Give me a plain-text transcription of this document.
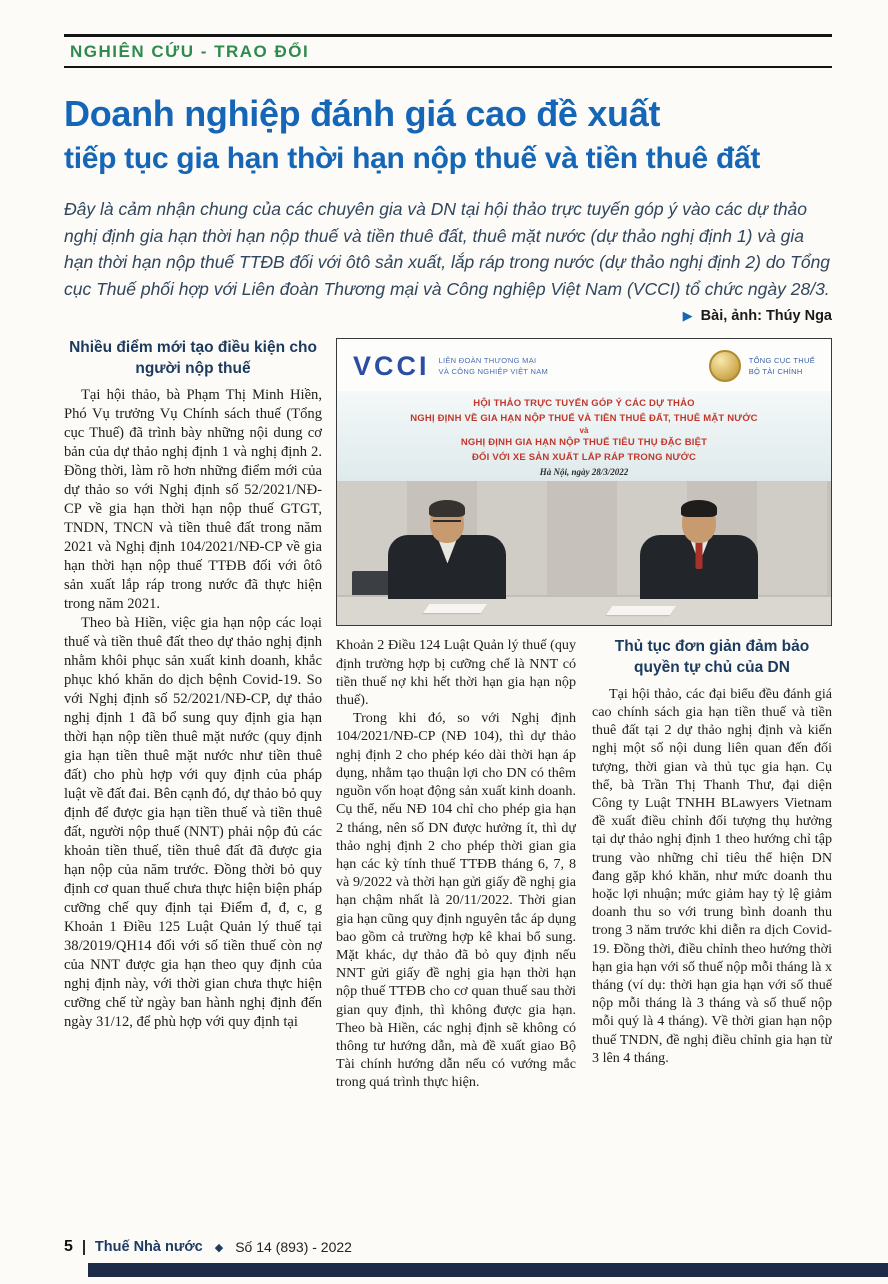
NGHIÊN CỨU - TRAO ĐỔI
Doanh nghiệp đánh giá cao đề xuất
tiếp tục gia hạn thời hạn nộp thuế và tiền thuê đất
Đây là cảm nhận chung của các chuyên gia và DN tại hội thảo trực tuyến góp ý vào các dự thảo nghị định gia hạn thời hạn nộp thuế và tiền thuê đất, thuê mặt nước (dự thảo nghị định 1) và gia hạn thời hạn nộp thuế TTĐB đối với ôtô sản xuất, lắp ráp trong nước (dự thảo nghị định 2) do Tổng cục Thuế phối hợp với Liên đoàn Thương mại và Công nghiệp Việt Nam (VCCI) tổ chức ngày 28/3.
▶ Bài, ảnh: Thúy Nga
Nhiều điểm mới tạo điều kiện cho người nộp thuế

Tại hội thảo, bà Phạm Thị Minh Hiền, Phó Vụ trưởng Vụ Chính sách thuế (Tổng cục Thuế) đã trình bày những nội dung cơ bản của dự thảo nghị định 1 và nghị định 2. Đồng thời, làm rõ hơn những điểm mới của dự thảo so với Nghị định số 52/2021/NĐ-CP về gia hạn thời hạn nộp thuế GTGT, TNDN, TNCN và tiền thuê đất trong năm 2021 và Nghị định 104/2021/NĐ-CP về gia hạn thời hạn nộp thuế TTĐB đối với ôtô sản xuất lắp ráp trong nước đã thực hiện trong năm 2021.

Theo bà Hiền, việc gia hạn nộp các loại thuế và tiền thuê đất theo dự thảo nghị định nhằm khôi phục sản xuất kinh doanh, khắc phục khó khăn do dịch bệnh Covid-19. So với Nghị định số 52/2021/NĐ-CP, dự thảo nghị định 1 đã bổ sung quy định gia hạn thời hạn nộp tiền thuê mặt nước (quy định gia hạn tiền thuê mặt nước như tiền thuê đất) cho phù hợp với quy định của pháp luật về đất đai. Bên cạnh đó, dự thảo bỏ quy định để được gia hạn tiền thuế và tiền thuê đất, người nộp thuế (NNT) phải nộp đủ các khoản tiền thuế, tiền thuê đất đã được gia hạn nộp của năm trước. Đồng thời bỏ quy định cơ quan thuế chưa thực hiện biện pháp cưỡng chế quy định tại Điểm đ, đ, c, g Khoản 1 Điều 125 Luật Quản lý thuế tại 38/2019/QH14 đối với số tiền thuế còn nợ của NNT được gia hạn theo quy định của nghị định này, với thời gian chưa thực hiện cưỡng chế từ ngày ban hành nghị định đến ngày 31/12, để phù hợp với quy định tại

VCCI LIÊN ĐOÀN THƯƠNG MẠI
VÀ CÔNG NGHIỆP VIỆT NAM
TỔNG CỤC THUẾ
BỘ TÀI CHÍNH
HỘI THẢO TRỰC TUYẾN GÓP Ý CÁC DỰ THẢO
NGHỊ ĐỊNH VỀ GIA HẠN NỘP THUẾ VÀ TIỀN THUÊ ĐẤT, THUÊ MẶT NƯỚC
và
NGHỊ ĐỊNH GIA HẠN NỘP THUẾ TIÊU THỤ ĐẶC BIỆT
ĐỐI VỚI XE SẢN XUẤT LẮP RÁP TRONG NƯỚC
Hà Nội, ngày 28/3/2022

Khoản 2 Điều 124 Luật Quản lý thuế (quy định trường hợp bị cưỡng chế là NNT có tiền thuế nợ khi hết thời hạn gia hạn nộp thuế).

Trong khi đó, so với Nghị định 104/2021/NĐ-CP (NĐ 104), thì dự thảo nghị định 2 cho phép kéo dài thời hạn áp dụng, nhằm tạo thuận lợi cho DN có thêm nguồn vốn hoạt động sản xuất kinh doanh. Cụ thể, nếu NĐ 104 chỉ cho phép gia hạn 2 tháng, nên số DN được hưởng ít, thì dự thảo nghị định 2 cho phép thời gian gia hạn các kỳ tính thuế TTĐB tháng 6, 7, 8 và 9/2022 và thời hạn gửi giấy đề nghị gia hạn chậm nhất là 20/11/2022. Thời gian gia hạn cũng quy định nguyên tắc áp dụng bao gồm cả trường hợp kê khai bổ sung. Mặt khác, dự thảo đã bỏ quy định nếu NNT gửi giấy đề nghị gia hạn thời hạn nộp thuế TTĐB cho cơ quan thuế sau thời gian quy định, thì không được gia hạn. Theo bà Hiền, các nghị định sẽ không có thông tư hướng dẫn, mà đề xuất giao Bộ Tài chính hướng dẫn nếu có vướng mắc trong quá trình thực hiện.

Thủ tục đơn giản đảm bảo quyền tự chủ của DN

Tại hội thảo, các đại biểu đều đánh giá cao chính sách gia hạn tiền thuế và tiền thuê đất tại 2 dự thảo nghị định và kiến nghị một số nội dung liên quan đến đối tượng, thời gian và thủ tục gia hạn. Cụ thể, bà Trần Thị Thanh Thư, đại diện Công ty Luật TNHH BLawyers Vietnam đề xuất điều chỉnh đối tượng thụ hưởng tại dự thảo nghị định 1 theo hướng chỉ tập trung vào những chỉ tiêu thể hiện DN đang gặp khó khăn, như mức doanh thu hoặc lợi nhuận; mức giảm hay tỷ lệ giảm doanh thu so với trung bình doanh thu trong 3 năm trước khi diễn ra dịch Covid-19. Đồng thời, điều chỉnh theo hướng thời hạn gia hạn với số thuế nộp mỗi tháng là x tháng (ví dụ: thời hạn gia hạn với số thuế nộp mỗi tháng là 3 tháng và số thuế nộp mỗi quý là 4 tháng). Về thời gian hạn nộp thuế TNDN, đề nghị điều chỉnh gia hạn từ 3 lên 4 tháng.

5 Thuế Nhà nước ◆ Số 14 (893) - 2022
